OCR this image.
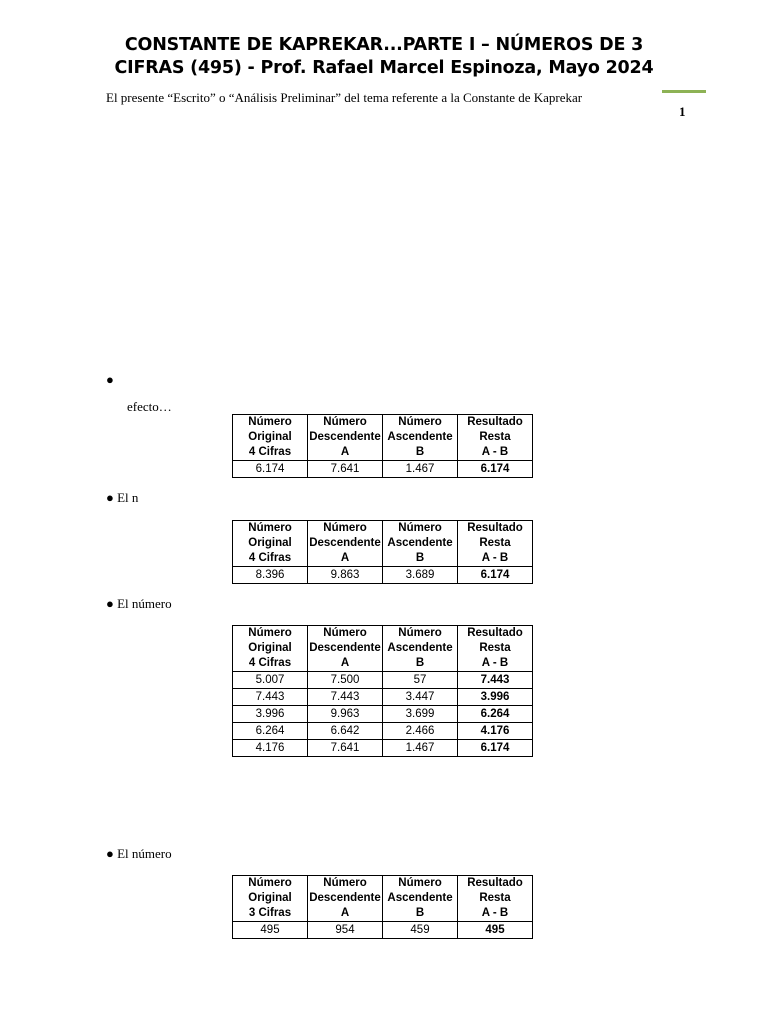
CONSTANTE DE KAPREKAR...PARTE I – NÚMEROS DE 3
CIFRAS (495) - Prof. Rafael Marcel Espinoza, Mayo 2024
El presente “Escrito” o “Análisis Preliminar” del tema referente a la Constante de Kaprekar
1
●
efecto…
Número	Número	Número	Resultado
Original	Descendente	Ascendente	Resta
4 Cifras	A	B	A - B
6.174	7.641	1.467	6.174
● El n
Número	Número	Número	Resultado
Original	Descendente	Ascendente	Resta
4 Cifras	A	B	A - B
8.396	9.863	3.689	6.174
● El número
Número	Número	Número	Resultado
Original	Descendente	Ascendente	Resta
4 Cifras	A	B	A - B
5.007	7.500	57	7.443
7.443	7.443	3.447	3.996
3.996	9.963	3.699	6.264
6.264	6.642	2.466	4.176
4.176	7.641	1.467	6.174
● El número
Número	Número	Número	Resultado
Original	Descendente	Ascendente	Resta
3 Cifras	A	B	A - B
495	954	459	495
